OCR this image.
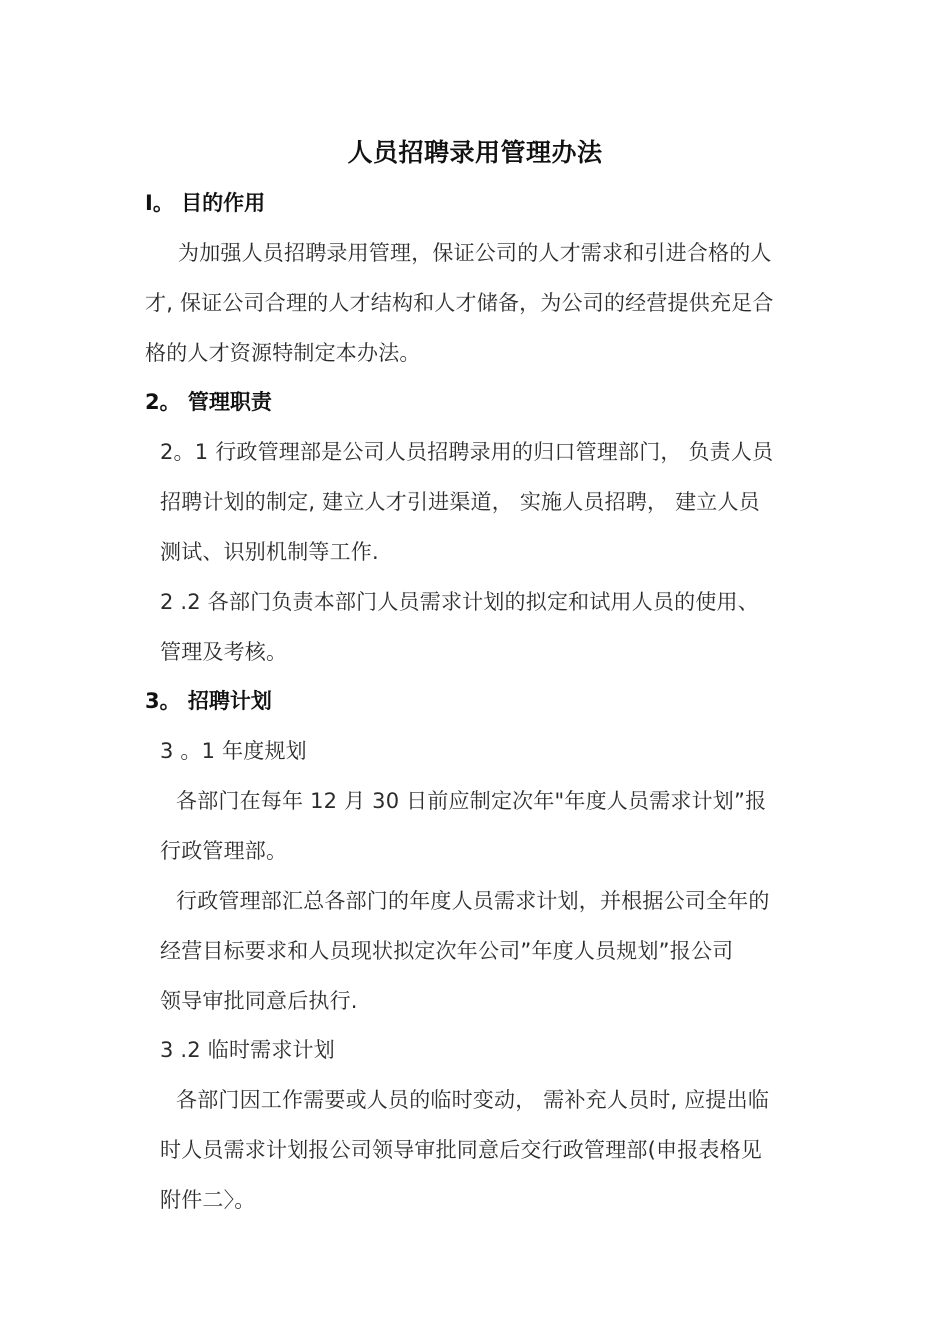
人员招聘录用管理办法
I。 目的作用
为加强人员招聘录用管理，保证公司的人才需求和引进合格的人
才, 保证公司合理的人才结构和人才储备，为公司的经营提供充足合
格的人才资源特制定本办法。
2。 管理职责
2。1 行政管理部是公司人员招聘录用的归口管理部门， 负责人员
招聘计划的制定, 建立人才引进渠道， 实施人员招聘， 建立人员
测试、识别机制等工作.
2 .2 各部门负责本部门人员需求计划的拟定和试用人员的使用、
管理及考核。
3。 招聘计划
3 。1 年度规划
各部门在每年 12 月 30 日前应制定次年"年度人员需求计划”报
行政管理部。
行政管理部汇总各部门的年度人员需求计划，并根据公司全年的
经营目标要求和人员现状拟定次年公司”年度人员规划”报公司
领导审批同意后执行.
3 .2 临时需求计划
各部门因工作需要或人员的临时变动， 需补充人员时, 应提出临
时人员需求计划报公司领导审批同意后交行政管理部(申报表格见
附件二〉。
